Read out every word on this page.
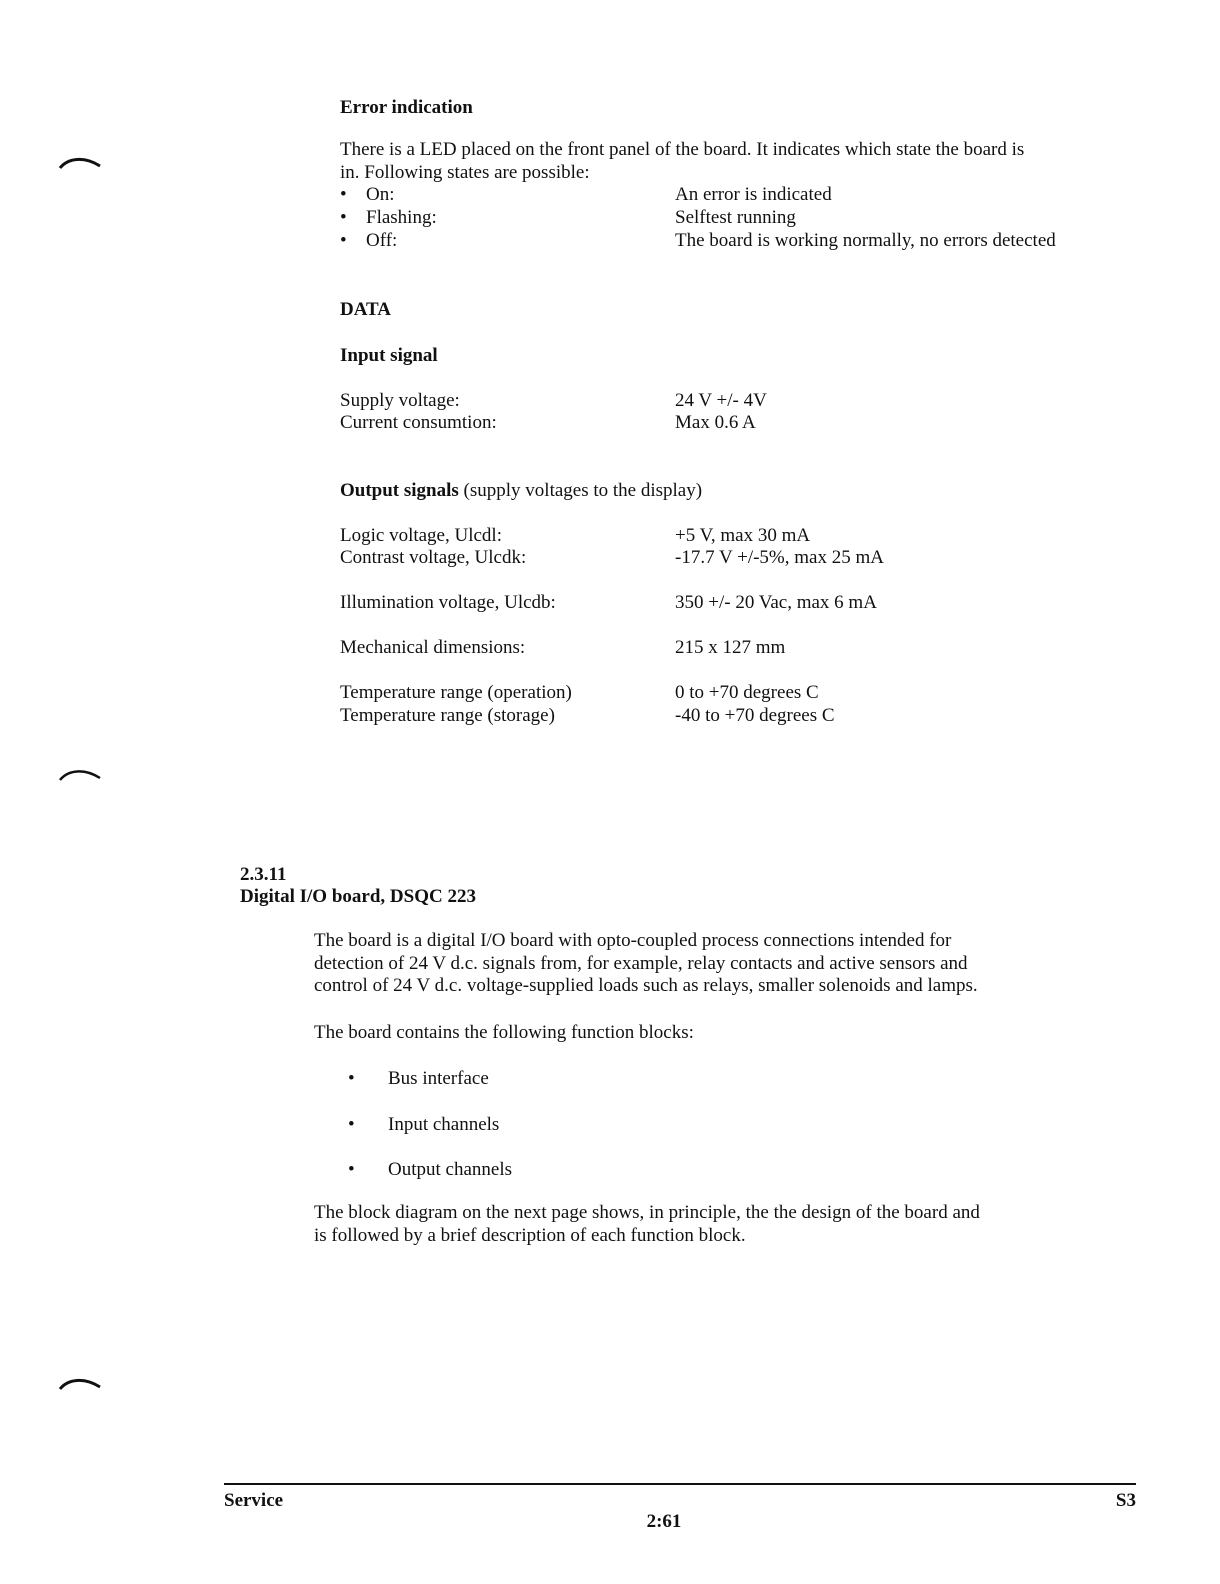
Error indication
There is a LED placed on the front panel of the board. It indicates which state the board is
in. Following states are possible:
• On:	An error is indicated
• Flashing:	Selftest running
• Off:	The board is working normally, no errors detected
DATA
Input signal
Supply voltage:	24 V +/- 4V
Current consumtion:	Max 0.6 A
Output signals (supply voltages to the display)
Logic voltage, Ulcdl:	+5 V, max 30 mA
Contrast voltage, Ulcdk:	-17.7 V +/-5%, max 25 mA
Illumination voltage, Ulcdb:	350 +/- 20 Vac, max 6 mA
Mechanical dimensions:	215 x 127 mm
Temperature range (operation)	0 to +70 degrees C
Temperature range (storage)	-40 to +70 degrees C
2.3.11
Digital I/O board, DSQC 223
The board is a digital I/O board with opto-coupled process connections intended for
detection of 24 V d.c. signals from, for example, relay contacts and active sensors and
control of 24 V d.c. voltage-supplied loads such as relays, smaller solenoids and lamps.
The board contains the following function blocks:
• Bus interface
• Input channels
• Output channels
The block diagram on the next page shows, in principle, the the design of the board and
is followed by a brief description of each function block.
Service
2:61
S3
